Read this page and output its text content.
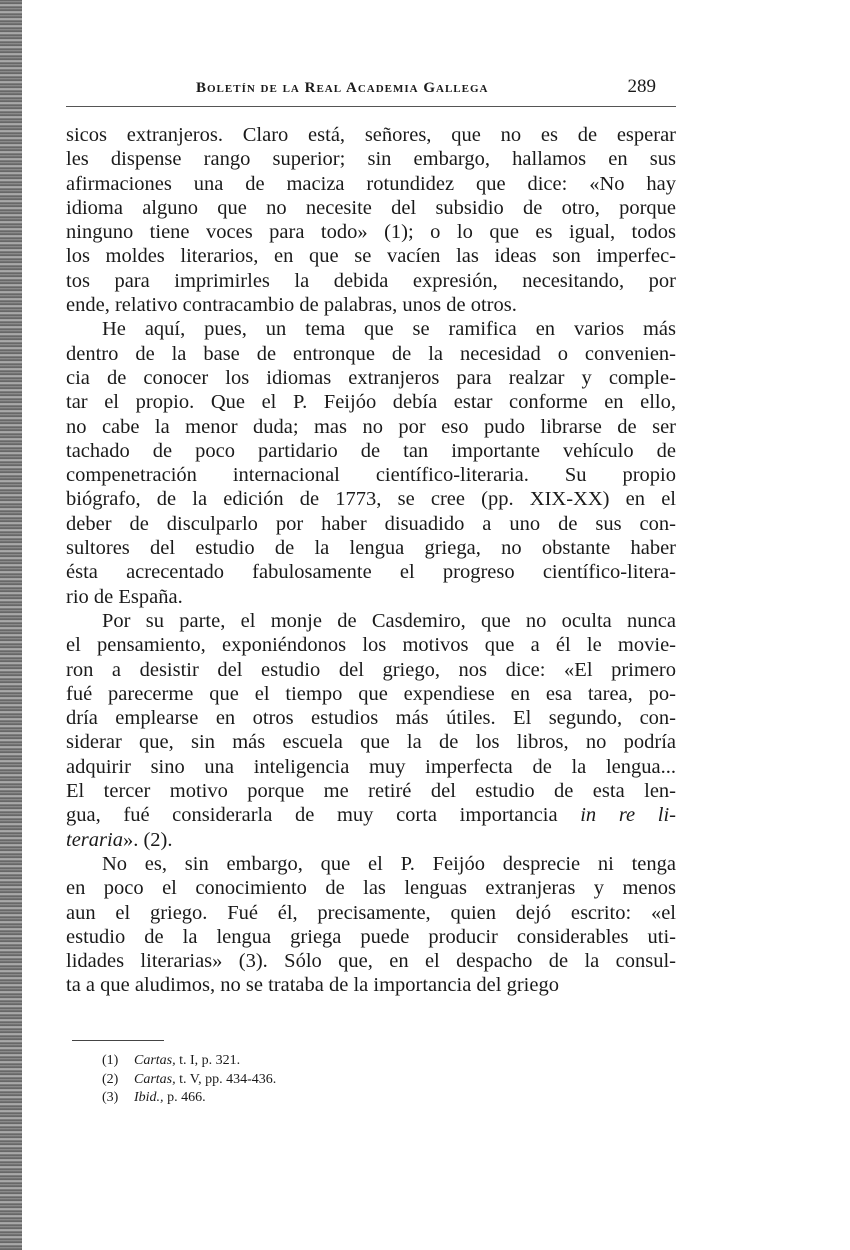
Boletín de la Real Academia Gallega	289
sicos extranjeros. Claro está, señores, que no es de esperar
les dispense rango superior; sin embargo, hallamos en sus
afirmaciones una de maciza rotundidez que dice: «No hay
idioma alguno que no necesite del subsidio de otro, porque
ninguno tiene voces para todo» (1); o lo que es igual, todos
los moldes literarios, en que se vacíen las ideas son imperfec-
tos para imprimirles la debida expresión, necesitando, por
ende, relativo contracambio de palabras, unos de otros.
He aquí, pues, un tema que se ramifica en varios más
dentro de la base de entronque de la necesidad o convenien-
cia de conocer los idiomas extranjeros para realzar y comple-
tar el propio. Que el P. Feijóo debía estar conforme en ello,
no cabe la menor duda; mas no por eso pudo librarse de ser
tachado de poco partidario de tan importante vehículo de
compenetración internacional científico-literaria. Su propio
biógrafo, de la edición de 1773, se cree (pp. XIX-XX) en el
deber de disculparlo por haber disuadido a uno de sus con-
sultores del estudio de la lengua griega, no obstante haber
ésta acrecentado fabulosamente el progreso científico-litera-
rio de España.
Por su parte, el monje de Casdemiro, que no oculta nunca
el pensamiento, exponiéndonos los motivos que a él le movie-
ron a desistir del estudio del griego, nos dice: «El primero
fué parecerme que el tiempo que expendiese en esa tarea, po-
dría emplearse en otros estudios más útiles. El segundo, con-
siderar que, sin más escuela que la de los libros, no podría
adquirir sino una inteligencia muy imperfecta de la lengua...
El tercer motivo porque me retiré del estudio de esta len-
gua, fué considerarla de muy corta importancia in re li-
teraria». (2).
No es, sin embargo, que el P. Feijóo desprecie ni tenga
en poco el conocimiento de las lenguas extranjeras y menos
aun el griego. Fué él, precisamente, quien dejó escrito: «el
estudio de la lengua griega puede producir considerables uti-
lidades literarias» (3). Sólo que, en el despacho de la consul-
ta a que aludimos, no se trataba de la importancia del griego
(1) Cartas, t. I, p. 321.
(2) Cartas, t. V, pp. 434-436.
(3) Ibid., p. 466.
